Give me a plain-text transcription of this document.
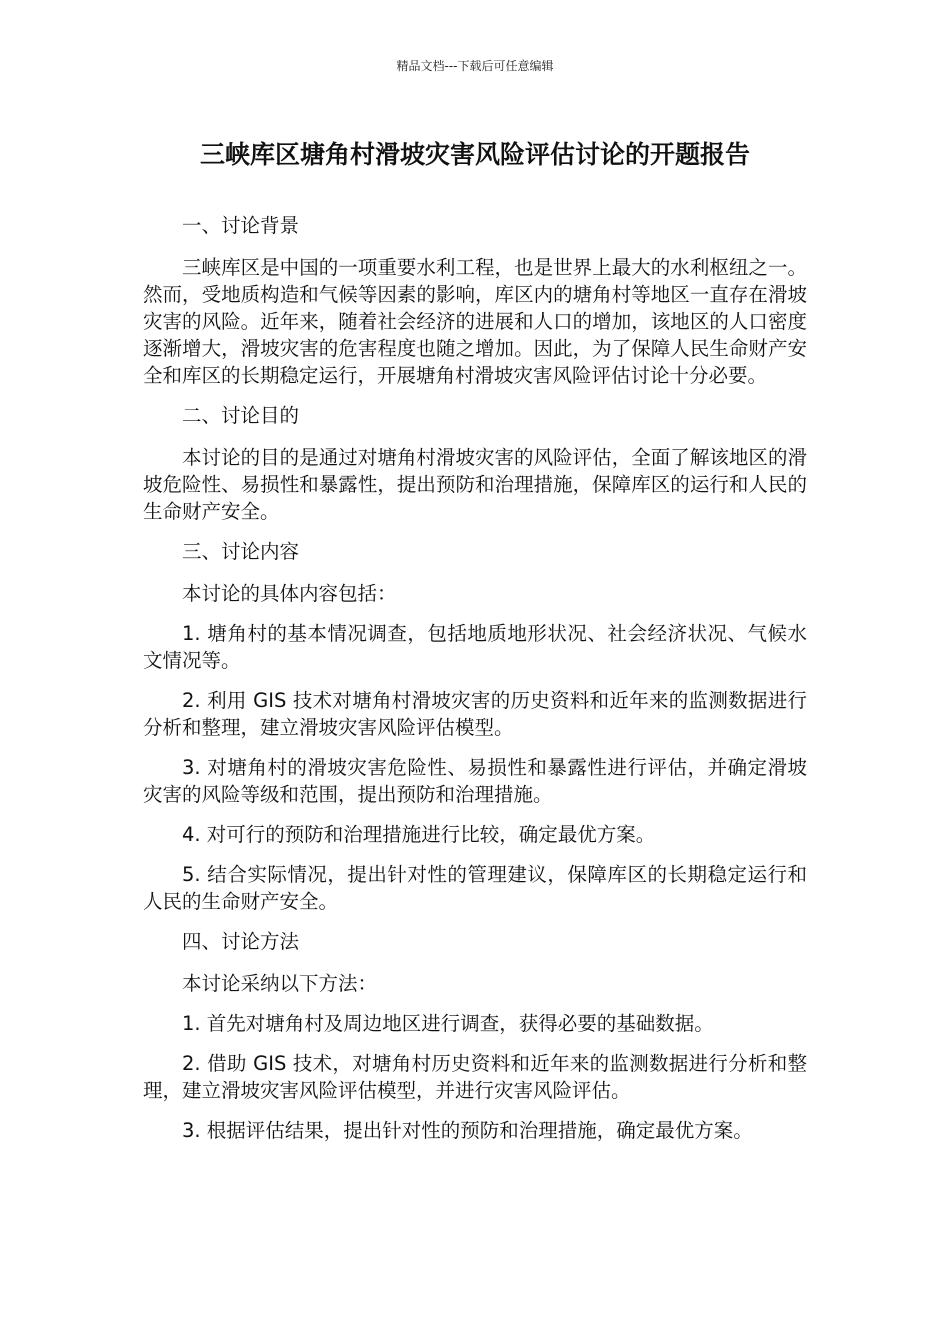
精品文档---下载后可任意编辑
三峡库区塘角村滑坡灾害风险评估讨论的开题报告

一、讨论背景

三峡库区是中国的一项重要水利工程，也是世界上最大的水利枢纽之一。然而，受地质构造和气候等因素的影响，库区内的塘角村等地区一直存在滑坡灾害的风险。近年来，随着社会经济的进展和人口的增加，该地区的人口密度逐渐增大，滑坡灾害的危害程度也随之增加。因此，为了保障人民生命财产安全和库区的长期稳定运行，开展塘角村滑坡灾害风险评估讨论十分必要。

二、讨论目的

本讨论的目的是通过对塘角村滑坡灾害的风险评估，全面了解该地区的滑坡危险性、易损性和暴露性，提出预防和治理措施，保障库区的运行和人民的生命财产安全。

三、讨论内容

本讨论的具体内容包括：

1. 塘角村的基本情况调查，包括地质地形状况、社会经济状况、气候水文情况等。

2. 利用 GIS 技术对塘角村滑坡灾害的历史资料和近年来的监测数据进行分析和整理，建立滑坡灾害风险评估模型。

3. 对塘角村的滑坡灾害危险性、易损性和暴露性进行评估，并确定滑坡灾害的风险等级和范围，提出预防和治理措施。

4. 对可行的预防和治理措施进行比较，确定最优方案。

5. 结合实际情况，提出针对性的管理建议，保障库区的长期稳定运行和人民的生命财产安全。

四、讨论方法

本讨论采纳以下方法：

1. 首先对塘角村及周边地区进行调查，获得必要的基础数据。

2. 借助 GIS 技术，对塘角村历史资料和近年来的监测数据进行分析和整理，建立滑坡灾害风险评估模型，并进行灾害风险评估。

3. 根据评估结果，提出针对性的预防和治理措施，确定最优方案。
